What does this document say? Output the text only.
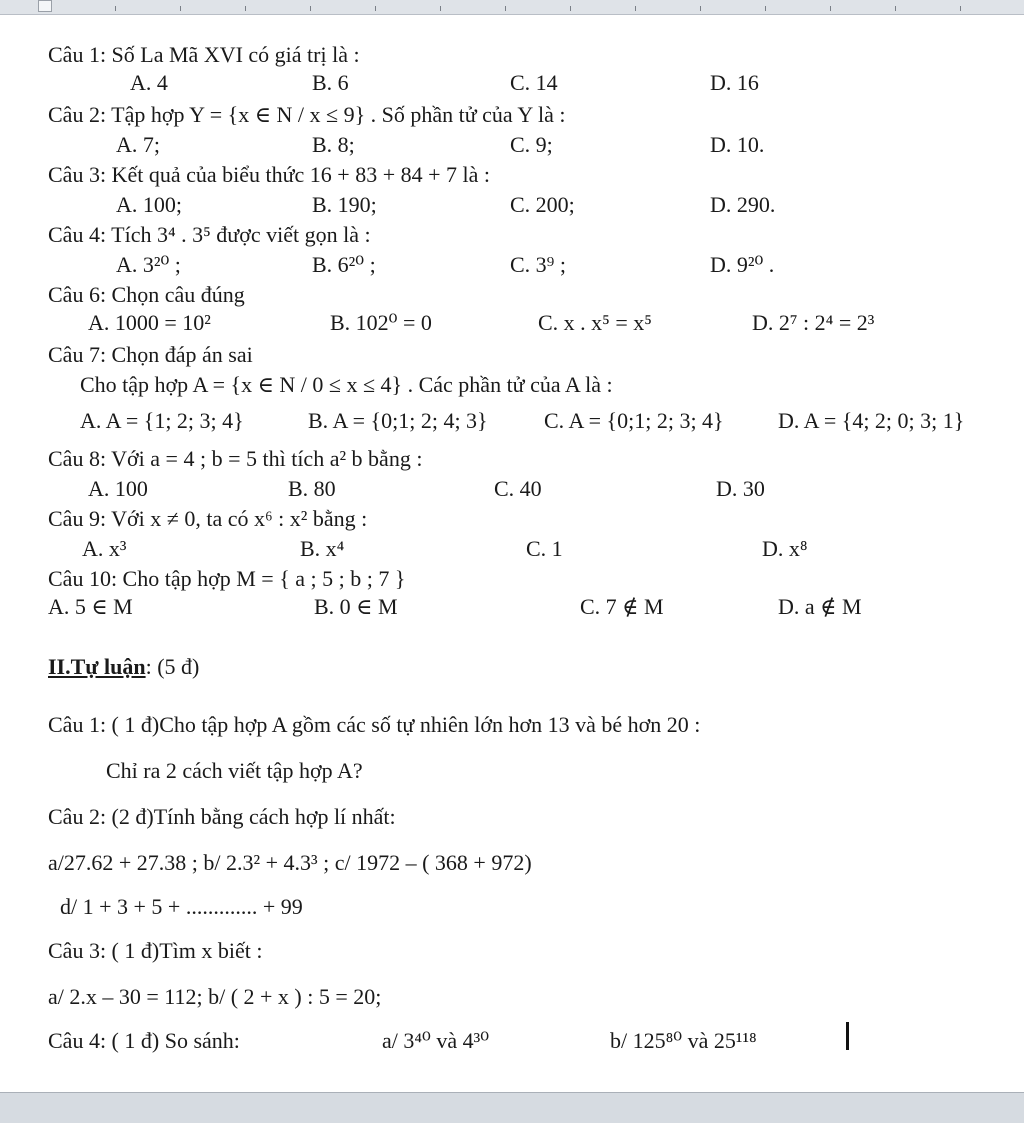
Câu 1: Số La Mã XVI có giá trị là :
A. 4	B. 6	C. 14	D. 16
Câu 2: Tập hợp Y = {x ∈ N / x ≤ 9} . Số phần tử của Y là :
A. 7;	B. 8;	C. 9;	D. 10.
Câu 3: Kết quả của biểu thức 16 + 83 + 84 + 7 là :
A. 100;	B. 190;	C. 200;	D. 290.
Câu 4: Tích 3⁴ . 3⁵ được viết gọn là :
A. 3²⁰ ;	B. 6²⁰ ;	C. 3⁹ ;	D. 9²⁰ .
Câu 6: Chọn câu đúng
A. 1000 = 10²	B. 102⁰ = 0	C. x . x⁵ = x⁵	D. 2⁷ : 2⁴ = 2³
Câu 7: Chọn đáp án sai
Cho tập hợp A = {x ∈ N / 0 ≤ x ≤ 4} . Các phần tử của A là :
A. A = {1; 2; 3; 4}	B. A = {0;1; 2; 4; 3}	C. A = {0;1; 2; 3; 4} D. A = {4; 2; 0; 3; 1}
Câu 8: Với a = 4 ; b = 5 thì tích a² b bằng :
A. 100	B. 80	C. 40	D. 30
Câu 9: Với x ≠ 0, ta có x⁶ : x² bằng :
A. x³	B. x⁴	C. 1	D. x⁸
Câu 10: Cho tập hợp M = { a ; 5 ; b ; 7 }
A. 5 ∈ M	B. 0 ∈ M	C. 7 ∉ M	D. a ∉ M
II.Tự luận: (5 đ)
Câu 1: ( 1 đ)Cho tập hợp A gồm các số tự nhiên lớn hơn 13 và bé hơn 20 :
Chỉ ra 2 cách viết tập hợp A?
Câu 2: (2 đ)Tính bằng cách hợp lí nhất:
a/27.62 + 27.38 ; b/ 2.3² + 4.3³ ; c/ 1972 – ( 368 + 972)
d/ 1 + 3 + 5 + ............. + 99
Câu 3: ( 1 đ)Tìm x biết :
a/ 2.x – 30 = 112; b/ ( 2 + x ) : 5 = 20;
Câu 4: ( 1 đ) So sánh:	a/ 3⁴⁰ và 4³⁰	b/ 125⁸⁰ và 25¹¹⁸
